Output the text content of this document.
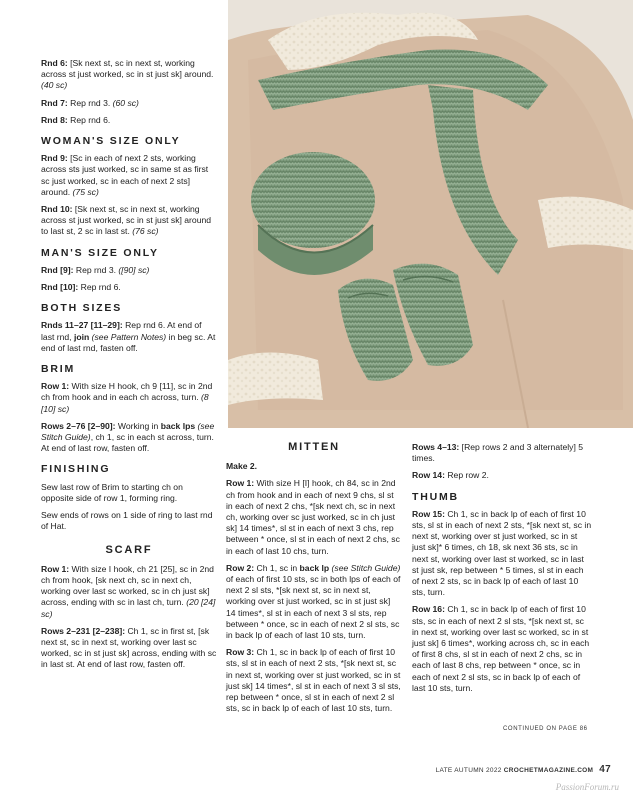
Rnd 6: [Sk next st, sc in next st, working across st just worked, sc in st just sk] around. (40 sc)

Rnd 7: Rep rnd 3. (60 sc)

Rnd 8: Rep rnd 6.

WOMAN'S SIZE ONLY

Rnd 9: [Sc in each of next 2 sts, working across sts just worked, sc in same st as first sc just worked, sc in each of next 2 sts] around. (75 sc)

Rnd 10: [Sk next st, sc in next st, working across st just worked, sc in st just sk] around to last st, 2 sc in last st. (76 sc)

MAN'S SIZE ONLY

Rnd [9]: Rep rnd 3. ([90] sc)

Rnd [10]: Rep rnd 6.

BOTH SIZES

Rnds 11–27 [11–29]: Rep rnd 6. At end of last rnd, join (see Pattern Notes) in beg sc. At end of last rnd, fasten off.

BRIM

Row 1: With size H hook, ch 9 [11], sc in 2nd ch from hook and in each ch across, turn. (8 [10] sc)

Rows 2–76 [2–90]: Working in back lps (see Stitch Guide), ch 1, sc in each st across, turn. At end of last row, fasten off.

FINISHING

Sew last row of Brim to starting ch on opposite side of row 1, forming ring.

Sew ends of rows on 1 side of ring to last rnd of Hat.

SCARF

Row 1: With size I hook, ch 21 [25], sc in 2nd ch from hook, [sk next ch, sc in next ch, working over last sc worked, sc in ch just sk] across, ending with sc in last ch, turn. (20 [24] sc)

Rows 2–231 [2–238]: Ch 1, sc in first st, [sk next st, sc in next st, working over last sc worked, sc in st just sk] across, ending with sc in last st. At end of last row, fasten off.

MITTEN

Make 2.

Row 1: With size H [I] hook, ch 84, sc in 2nd ch from hook and in each of next 9 chs, sl st in each of next 2 chs, *[sk next ch, sc in next ch, working over sc just worked, sc in ch just sk] 14 times*, sl st in each of next 3 chs, rep between * once, sl st in each of next 2 chs, sc in each of last 10 chs, turn.

Row 2: Ch 1, sc in back lp (see Stitch Guide) of each of first 10 sts, sc in both lps of each of next 2 sl sts, *[sk next st, sc in next st, working over st just worked, sc in st just sk] 14 times*, sl st in each of next 3 sl sts, rep between * once, sc in each of next 2 sl sts, sc in back lp of each of last 10 sts, turn.

Row 3: Ch 1, sc in back lp of each of first 10 sts, sl st in each of next 2 sts, *[sk next st, sc in next st, working over st just worked, sc in st just sk] 14 times*, sl st in each of next 3 sl sts, rep between * once, sl st in each of next 2 sl sts, sc in back lp of each of last 10 sts, turn.

Rows 4–13: [Rep rows 2 and 3 alternately] 5 times.

Row 14: Rep row 2.

THUMB

Row 15: Ch 1, sc in back lp of each of first 10 sts, sl st in each of next 2 sts, *[sk next st, sc in next st, working over st just worked, sc in st just sk]* 6 times, ch 18, sk next 36 sts, sc in next st, working over last st worked, sc in last st just sk, rep between * 5 times, sl st in each of next 2 sts, sc in back lp of each of last 10 sts, turn.

Row 16: Ch 1, sc in back lp of each of first 10 sts, sc in each of next 2 sl sts, *[sk next st, sc in next st, working over last sc worked, sc in st just sk] 6 times*, working across ch, sc in each of first 8 chs, sl st in each of next 2 chs, sc in each of last 8 chs, rep between * once, sc in each of next 2 sl sts, sc in back lp of each of last 10 sts, turn.

CONTINUED ON PAGE 86
LATE AUTUMN 2022 CROCHETMAGAZINE.COM 47
PassionForum.ru
